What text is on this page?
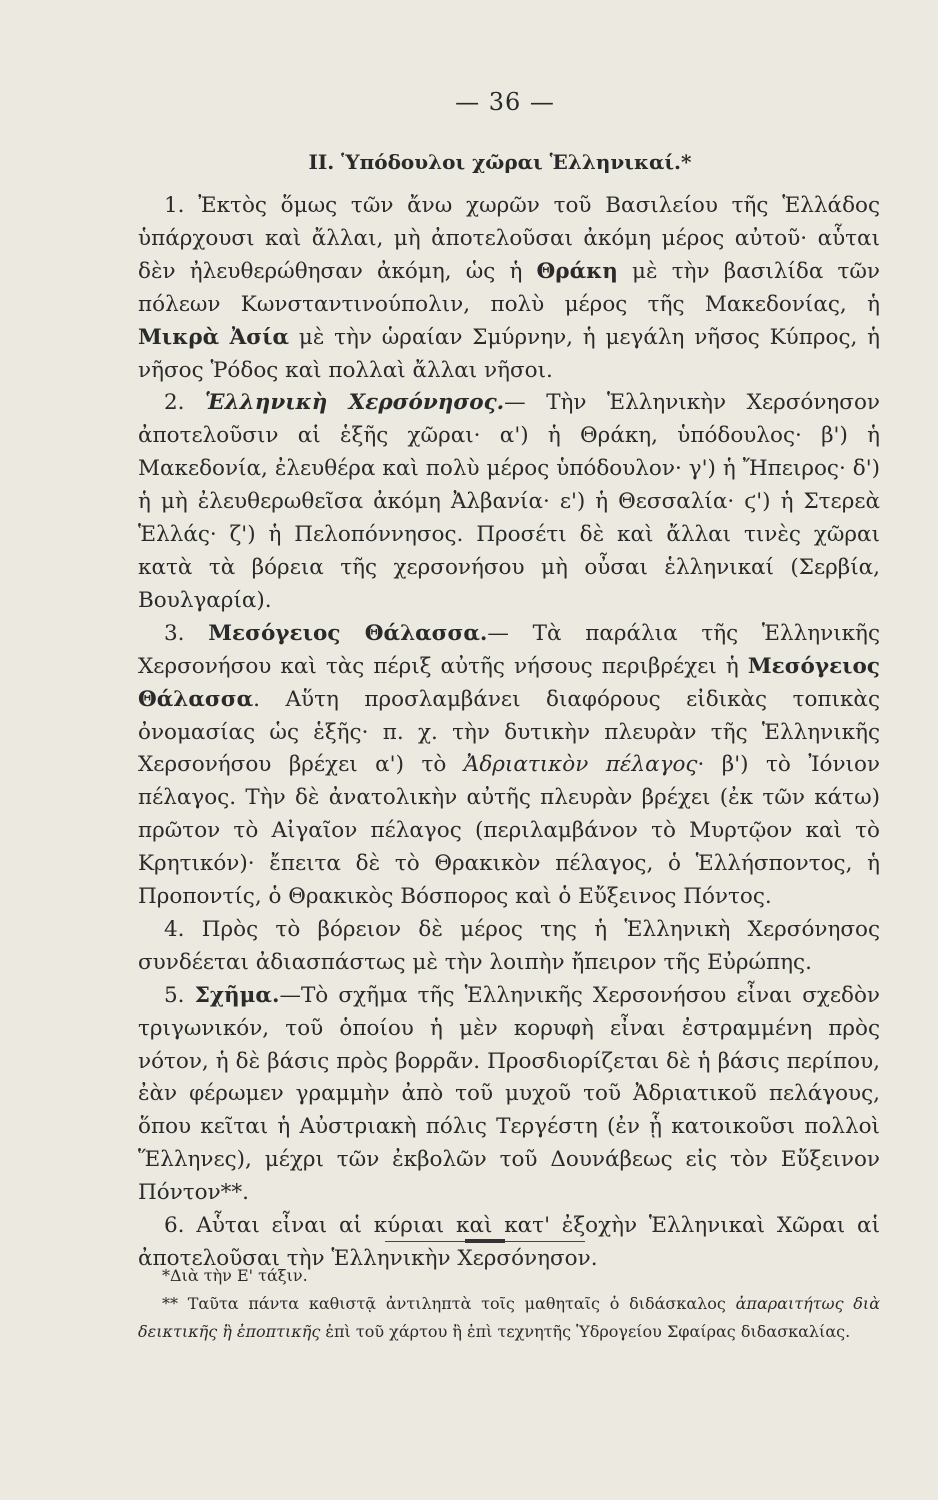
— 36 —
II. Ὑπόδουλοι χῶραι Ἑλληνικαί.*

1. Ἐκτὸς ὅμως τῶν ἄνω χωρῶν τοῦ Βασιλείου τῆς Ἑλλάδος ὑπάρχουσι καὶ ἄλλαι, μὴ ἀποτελοῦσαι ἀκόμη μέρος αὐτοῦ· αὗται δὲν ἠλευθερώθησαν ἀκόμη, ὡς ἡ Θράκη μὲ τὴν βασιλίδα τῶν πόλεων Κωνσταντινούπολιν, πολὺ μέρος τῆς Μακεδονίας, ἡ Μικρὰ Ἀσία μὲ τὴν ὡραίαν Σμύρνην, ἡ μεγάλη νῆσος Κύπρος, ἡ νῆσος Ῥόδος καὶ πολλαὶ ἄλλαι νῆσοι.

2. Ἑλληνικὴ Χερσόνησος.— Τὴν Ἑλληνικὴν Χερσόνησον ἀποτελοῦσιν αἱ ἑξῆς χῶραι· α') ἡ Θράκη, ὑπόδουλος· β') ἡ Μακεδονία, ἐλευθέρα καὶ πολὺ μέρος ὑπόδουλον· γ') ἡ Ἤπειρος· δ') ἡ μὴ ἐλευθερωθεῖσα ἀκόμη Ἀλβανία· ε') ἡ Θεσσαλία· ϛ') ἡ Στερεὰ Ἑλλάς· ζ') ἡ Πελοπόννησος. Προσέτι δὲ καὶ ἄλλαι τινὲς χῶραι κατὰ τὰ βόρεια τῆς χερσονήσου μὴ οὖσαι ἑλληνικαί (Σερβία, Βουλγαρία).

3. Μεσόγειος Θάλασσα.— Τὰ παράλια τῆς Ἑλληνικῆς Χερσονήσου καὶ τὰς πέριξ αὐτῆς νήσους περιβρέχει ἡ Μεσόγειος Θάλασσα. Αὕτη προσλαμβάνει διαφόρους εἰδικὰς τοπικὰς ὀνομασίας ὡς ἑξῆς· π. χ. τὴν δυτικὴν πλευρὰν τῆς Ἑλληνικῆς Χερσονήσου βρέχει α') τὸ Ἀδριατικὸν πέλαγος· β') τὸ Ἰόνιον πέλαγος. Τὴν δὲ ἀνατολικὴν αὐτῆς πλευρὰν βρέχει (ἐκ τῶν κάτω) πρῶτον τὸ Αἰγαῖον πέλαγος (περιλαμβάνον τὸ Μυρτῷον καὶ τὸ Κρητικόν)· ἔπειτα δὲ τὸ Θρακικὸν πέλαγος, ὁ Ἑλλήσποντος, ἡ Προποντίς, ὁ Θρακικὸς Βόσπορος καὶ ὁ Εὔξεινος Πόντος.

4. Πρὸς τὸ βόρειον δὲ μέρος της ἡ Ἑλληνικὴ Χερσόνησος συνδέεται ἀδιασπάστως μὲ τὴν λοιπὴν ἤπειρον τῆς Εὐρώπης.

5. Σχῆμα.—Τὸ σχῆμα τῆς Ἑλληνικῆς Χερσονήσου εἶναι σχεδὸν τριγωνικόν, τοῦ ὁποίου ἡ μὲν κορυφὴ εἶναι ἐστραμμένη πρὸς νότον, ἡ δὲ βάσις πρὸς βορρᾶν. Προσδιορίζεται δὲ ἡ βάσις περίπου, ἐὰν φέρωμεν γραμμὴν ἀπὸ τοῦ μυχοῦ τοῦ Ἀδριατικοῦ πελάγους, ὅπου κεῖται ἡ Αὐστριακὴ πόλις Τεργέστη (ἐν ᾗ κατοικοῦσι πολλοὶ Ἕλληνες), μέχρι τῶν ἐκβολῶν τοῦ Δουνάβεως εἰς τὸν Εὔξεινον Πόντον**.

6. Αὗται εἶναι αἱ κύριαι καὶ κατ' ἐξοχὴν Ἑλληνικαὶ Χῶραι αἱ ἀποτελοῦσαι τὴν Ἑλληνικὴν Χερσόνησον.

*Διὰ τὴν Ε' τάξιν.

** Ταῦτα πάντα καθιστᾷ ἀντιληπτὰ τοῖς μαθηταῖς ὁ διδάσκαλος ἀπαραιτήτως διὰ δεικτικῆς ἢ ἐποπτικῆς ἐπὶ τοῦ χάρτου ἢ ἐπὶ τεχνητῆς Ὑδρογείου Σφαίρας διδασκαλίας.
